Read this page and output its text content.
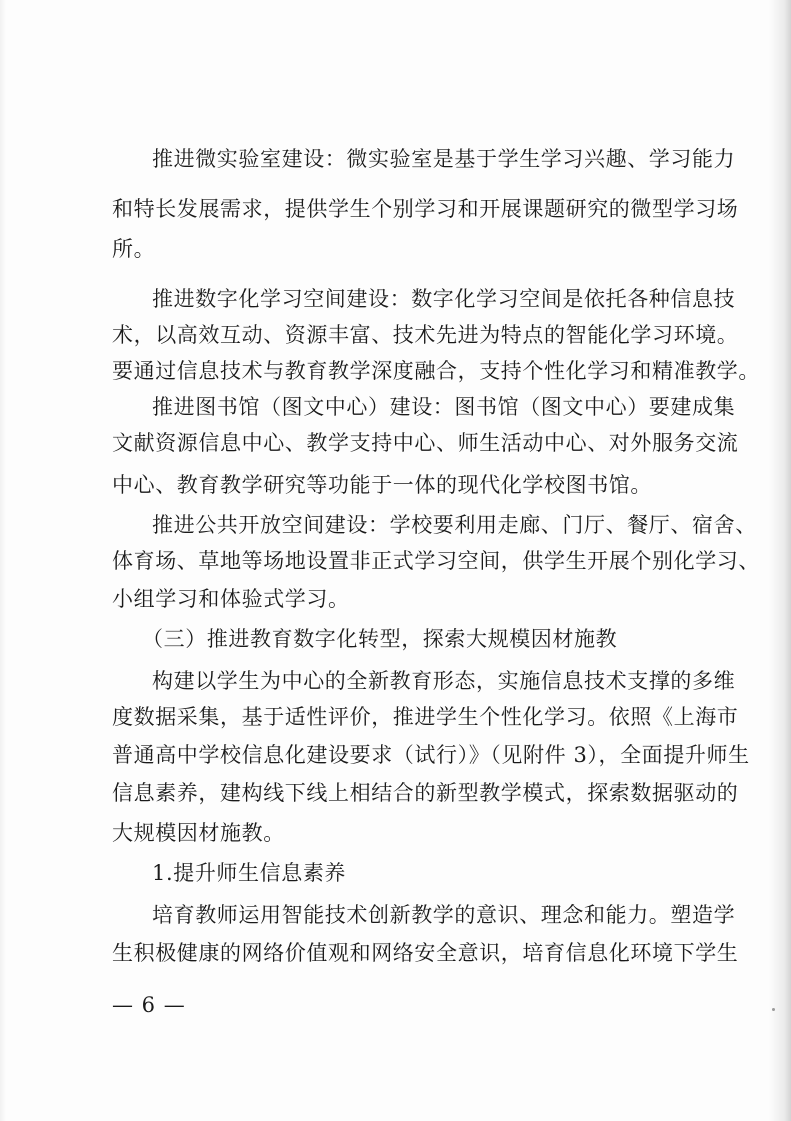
推进微实验室建设：微实验室是基于学生学习兴趣、学习能力

和特长发展需求，提供学生个别学习和开展课题研究的微型学习场

所。

推进数字化学习空间建设：数字化学习空间是依托各种信息技

术，以高效互动、资源丰富、技术先进为特点的智能化学习环境。

要通过信息技术与教育教学深度融合，支持个性化学习和精准教学。

推进图书馆（图文中心）建设：图书馆（图文中心）要建成集

文献资源信息中心、教学支持中心、师生活动中心、对外服务交流

中心、教育教学研究等功能于一体的现代化学校图书馆。

推进公共开放空间建设：学校要利用走廊、门厅、餐厅、宿舍、

体育场、草地等场地设置非正式学习空间，供学生开展个别化学习、

小组学习和体验式学习。

（三）推进教育数字化转型，探索大规模因材施教

构建以学生为中心的全新教育形态，实施信息技术支撑的多维

度数据采集，基于适性评价，推进学生个性化学习。依照《上海市

普通高中学校信息化建设要求（试行）》（见附件 3），全面提升师生

信息素养，建构线下线上相结合的新型教学模式，探索数据驱动的

大规模因材施教。

1.提升师生信息素养

培育教师运用智能技术创新教学的意识、理念和能力。塑造学

生积极健康的网络价值观和网络安全意识，培育信息化环境下学生

— 6 —
